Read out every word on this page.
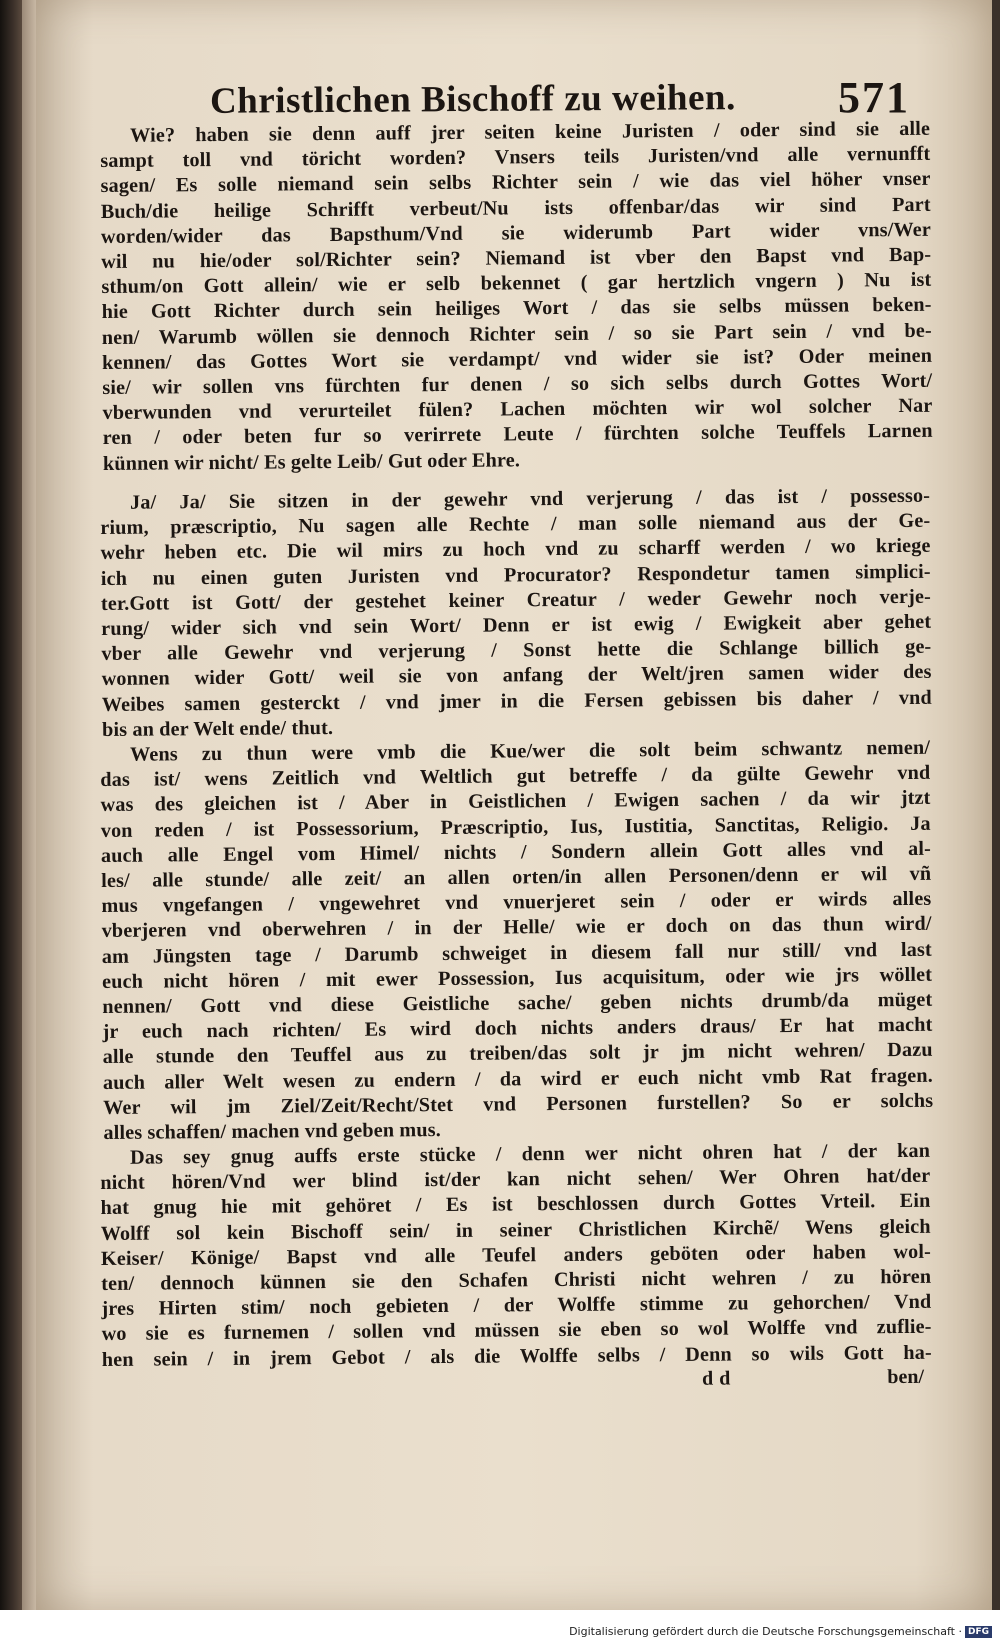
Christlichen Bischoff zu weihen. 571
Wie? haben sie denn auff jrer seiten keine Juristen / oder sind sie alle
sampt toll vnd töricht worden? Vnsers teils Juristen/vnd alle vernunfft
sagen/ Es solle niemand sein selbs Richter sein / wie das viel höher vnser
Buch/die heilige Schrifft verbeut/Nu ists offenbar/das wir sind Part
worden/wider das Bapsthum/Vnd sie widerumb Part wider vns/Wer
wil nu hie/oder sol/Richter sein? Niemand ist vber den Bapst vnd Bap-
sthum/on Gott allein/ wie er selb bekennet ( gar hertzlich vngern ) Nu ist
hie Gott Richter durch sein heiliges Wort / das sie selbs müssen beken-
nen/ Warumb wöllen sie dennoch Richter sein / so sie Part sein / vnd be-
kennen/ das Gottes Wort sie verdampt/ vnd wider sie ist? Oder meinen
sie/ wir sollen vns fürchten fur denen / so sich selbs durch Gottes Wort/
vberwunden vnd verurteilet fülen? Lachen möchten wir wol solcher Nar
ren / oder beten fur so verirrete Leute / fürchten solche Teuffels Larnen
künnen wir nicht/ Es gelte Leib/ Gut oder Ehre.
Ja/ Ja/ Sie sitzen in der gewehr vnd verjerung / das ist / possesso-
rium, præscriptio, Nu sagen alle Rechte / man solle niemand aus der Ge-
wehr heben etc. Die wil mirs zu hoch vnd zu scharff werden / wo kriege
ich nu einen guten Juristen vnd Procurator? Respondetur tamen simplici-
ter.Gott ist Gott/ der gestehet keiner Creatur / weder Gewehr noch verje-
rung/ wider sich vnd sein Wort/ Denn er ist ewig / Ewigkeit aber gehet
vber alle Gewehr vnd verjerung / Sonst hette die Schlange billich ge-
wonnen wider Gott/ weil sie von anfang der Welt/jren samen wider des
Weibes samen gesterckt / vnd jmer in die Fersen gebissen bis daher / vnd
bis an der Welt ende/ thut.
Wens zu thun were vmb die Kue/wer die solt beim schwantz nemen/
das ist/ wens Zeitlich vnd Weltlich gut betreffe / da gülte Gewehr vnd
was des gleichen ist / Aber in Geistlichen / Ewigen sachen / da wir jtzt
von reden / ist Possessorium, Præscriptio, Ius, Iustitia, Sanctitas, Religio. Ja
auch alle Engel vom Himel/ nichts / Sondern allein Gott alles vnd al-
les/ alle stunde/ alle zeit/ an allen orten/in allen Personen/denn er wil vñ
mus vngefangen / vngewehret vnd vnuerjeret sein / oder er wirds alles
vberjeren vnd oberwehren / in der Helle/ wie er doch on das thun wird/
am Jüngsten tage / Darumb schweiget in diesem fall nur still/ vnd last
euch nicht hören / mit ewer Possession, Ius acquisitum, oder wie jrs wöllet
nennen/ Gott vnd diese Geistliche sache/ geben nichts drumb/da müget
jr euch nach richten/ Es wird doch nichts anders draus/ Er hat macht
alle stunde den Teuffel aus zu treiben/das solt jr jm nicht wehren/ Dazu
auch aller Welt wesen zu endern / da wird er euch nicht vmb Rat fragen.
Wer wil jm Ziel/Zeit/Recht/Stet vnd Personen furstellen? So er solchs
alles schaffen/ machen vnd geben mus.
Das sey gnug auffs erste stücke / denn wer nicht ohren hat / der kan
nicht hören/Vnd wer blind ist/der kan nicht sehen/ Wer Ohren hat/der
hat gnug hie mit gehöret / Es ist beschlossen durch Gottes Vrteil. Ein
Wolff sol kein Bischoff sein/ in seiner Christlichen Kirchẽ/ Wens gleich
Keiser/ Könige/ Bapst vnd alle Teufel anders geböten oder haben wol-
ten/ dennoch künnen sie den Schafen Christi nicht wehren / zu hören
jres Hirten stim/ noch gebieten / der Wolffe stimme zu gehorchen/ Vnd
wo sie es furnemen / sollen vnd müssen sie eben so wol Wolffe vnd zuflie-
hen sein / in jrem Gebot / als die Wolffe selbs / Denn so wils Gott ha-
dd	ben/
Digitalisierung gefördert durch die Deutsche Forschungsgemeinschaft · DFG
